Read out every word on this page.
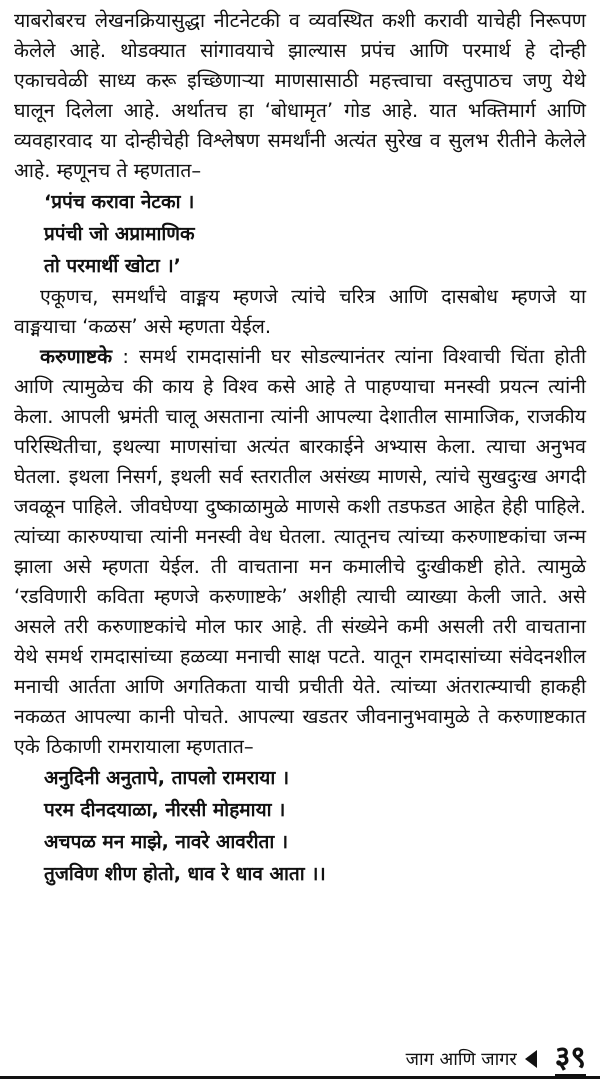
याबरोबरच लेखनक्रियासुद्धा नीटनेटकी व व्यवस्थित कशी करावी याचेही निरूपण केलेले आहे. थोडक्यात सांगावयाचे झाल्यास प्रपंच आणि परमार्थ हे दोन्ही एकाचवेळी साध्य करू इच्छिणाऱ्या माणसासाठी महत्त्वाचा वस्तुपाठच जणु येथे घालून दिलेला आहे. अर्थातच हा ‘बोधामृत’ गोड आहे. यात भक्तिमार्ग आणि व्यवहारवाद या दोन्हीचेही विश्लेषण समर्थांनी अत्यंत सुरेख व सुलभ रीतीने केलेले आहे. म्हणूनच ते म्हणतात–

‘प्रपंच करावा नेटका ।
प्रपंची जो अप्रामाणिक
तो परमार्थी खोटा ।’

एकूणच, समर्थांचे वाङ्मय म्हणजे त्यांचे चरित्र आणि दासबोध म्हणजे या वाङ्मयाचा ‘कळस’ असे म्हणता येईल.

करुणाष्टके : समर्थ रामदासांनी घर सोडल्यानंतर त्यांना विश्वाची चिंता होती आणि त्यामुळेच की काय हे विश्व कसे आहे ते पाहण्याचा मनस्वी प्रयत्न त्यांनी केला. आपली भ्रमंती चालू असताना त्यांनी आपल्या देशातील सामाजिक, राजकीय परिस्थितीचा, इथल्या माणसांचा अत्यंत बारकाईने अभ्यास केला. त्याचा अनुभव घेतला. इथला निसर्ग, इथली सर्व स्तरातील असंख्य माणसे, त्यांचे सुखदुःख अगदी जवळून पाहिले. जीवघेण्या दुष्काळामुळे माणसे कशी तडफडत आहेत हेही पाहिले. त्यांच्या कारुण्याचा त्यांनी मनस्वी वेध घेतला. त्यातूनच त्यांच्या करुणाष्टकांचा जन्म झाला असे म्हणता येईल. ती वाचताना मन कमालीचे दुःखीकष्टी होते. त्यामुळे ‘रडविणारी कविता म्हणजे करुणाष्टके’ अशीही त्याची व्याख्या केली जाते. असे असले तरी करुणाष्टकांचे मोल फार आहे. ती संख्येने कमी असली तरी वाचताना येथे समर्थ रामदासांच्या हळव्या मनाची साक्ष पटते. यातून रामदासांच्या संवेदनशील मनाची आर्तता आणि अगतिकता याची प्रचीती येते. त्यांच्या अंतरात्म्याची हाकही नकळत आपल्या कानी पोचते. आपल्या खडतर जीवनानुभवामुळे ते करुणाष्टकात एके ठिकाणी रामरायाला म्हणतात–

अनुदिनी अनुतापे, तापलो रामराया ।
परम दीनदयाळा, नीरसी मोहमाया ।
अचपळ मन माझे, नावरे आवरीता ।
तुजविण शीण होतो, धाव रे धाव आता ।।
जाग आणि जागर ३९
